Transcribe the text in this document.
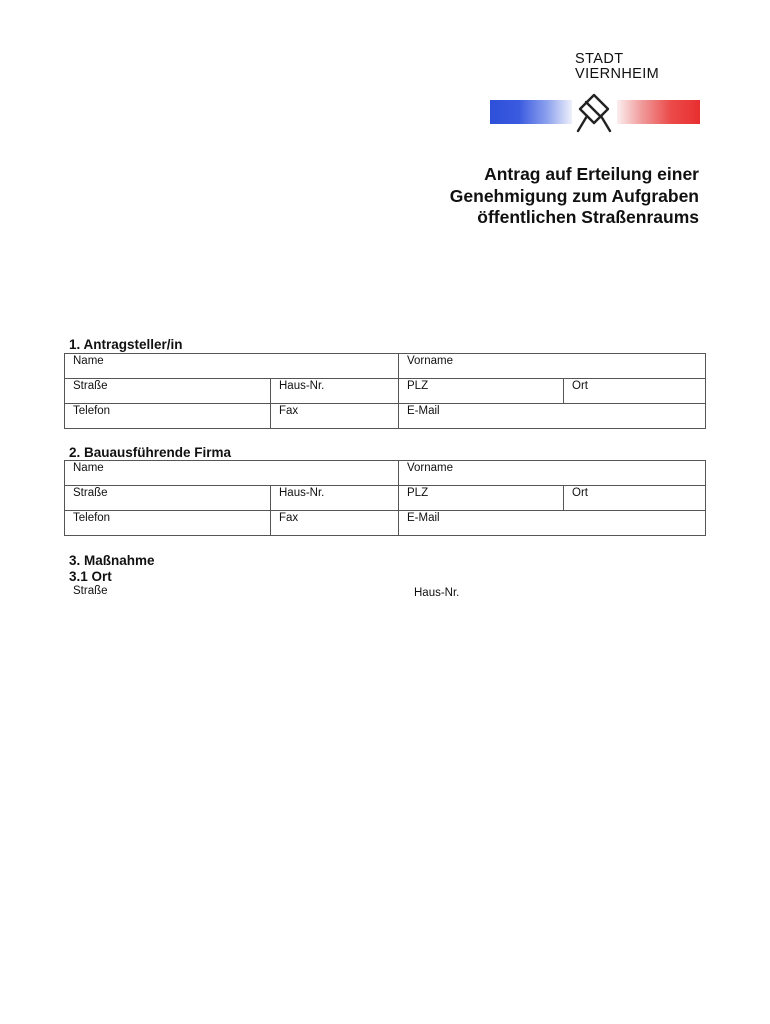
STADT
VIERNHEIM
Antrag auf Erteilung einer
Genehmigung zum Aufgraben
öffentlichen Straßenraums
1. Antragsteller/in
Name		Vorname	

Straße	Haus-Nr.	PLZ	Ort

Telefon	Fax	E-Mail	
2. Bauausführende Firma
Name		Vorname	

Straße	Haus-Nr.	PLZ	Ort

Telefon	Fax	E-Mail	
3. Maßnahme
3.1 Ort
Straße	Haus-Nr.
